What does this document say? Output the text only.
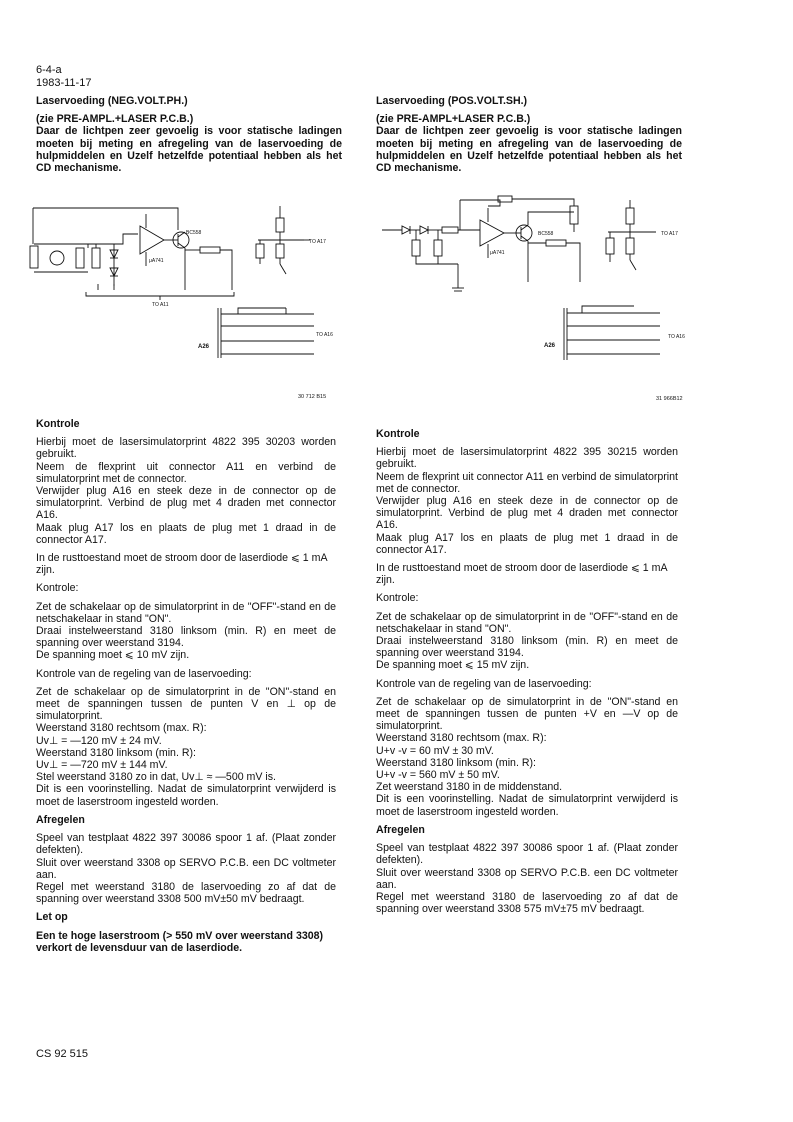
6-4-a
1983-11-17

Laservoeding (NEG.VOLT.PH.)

(zie PRE-AMPL.+LASER P.C.B.)

Daar de lichtpen zeer gevoelig is voor statische ladingen moeten bij meting en afregeling van de laservoeding de hulpmiddelen en Uzelf hetzelfde potentiaal hebben als het CD mechanisme.

Laservoeding (POS.VOLT.SH.)

(zie PRE-AMPL+LASER P.C.B.)

Daar de lichtpen zeer gevoelig is voor statische ladingen moeten bij meting en afregeling van de laservoeding de hulpmiddelen en Uzelf hetzelfde potentiaal hebben als het CD mechanisme.

BC558
μA741
TO A17
TO A16
TO A11
A26
30 712 B15
BC558
μA741
TO A17
TO A16
A26
31 966B12

Kontrole

Hierbij moet de lasersimulatorprint 4822 395 30203 worden gebruikt.
Neem de flexprint uit connector A11 en verbind de simulatorprint met de connector.
Verwijder plug A16 en steek deze in de connector op de simulatorprint. Verbind de plug met 4 draden met connector A16.
Maak plug A17 los en plaats de plug met 1 draad in de connector A17.

In de rusttoestand moet de stroom door de laserdiode ⩽ 1 mA zijn.

Kontrole:

Zet de schakelaar op de simulatorprint in de "OFF"-stand en de netschakelaar in stand "ON".
Draai instelweerstand 3180 linksom (min. R) en meet de spanning over weerstand 3194.
De spanning moet ⩽ 10 mV zijn.

Kontrole van de regeling van de laservoeding:

Zet de schakelaar op de simulatorprint in de "ON"-stand en meet de spanningen tussen de punten V en ⊥ op de simulatorprint.
Weerstand 3180 rechtsom (max. R):
Uv⊥ = —120 mV ± 24 mV.
Weerstand 3180 linksom (min. R):
Uv⊥ = —720 mV ± 144 mV.
Stel weerstand 3180 zo in dat, Uv⊥ ≈ —500 mV is.
Dit is een voorinstelling. Nadat de simulatorprint verwijderd is moet de laserstroom ingesteld worden.

Afregelen

Speel van testplaat 4822 397 30086 spoor 1 af. (Plaat zonder defekten).
Sluit over weerstand 3308 op SERVO P.C.B. een DC voltmeter aan.
Regel met weerstand 3180 de laservoeding zo af dat de spanning over weerstand 3308 500 mV±50 mV bedraagt.

Let op

Een te hoge laserstroom (> 550 mV over weerstand 3308) verkort de levensduur van de laserdiode.

Kontrole

Hierbij moet de lasersimulatorprint 4822 395 30215 worden gebruikt.
Neem de flexprint uit connector A11 en verbind de simulatorprint met de connector.
Verwijder plug A16 en steek deze in de connector op de simulatorprint. Verbind de plug met 4 draden met connector A16.
Maak plug A17 los en plaats de plug met 1 draad in de connector A17.

In de rusttoestand moet de stroom door de laserdiode ⩽ 1 mA zijn.

Kontrole:

Zet de schakelaar op de simulatorprint in de "OFF"-stand en de netschakelaar in stand "ON".
Draai instelweerstand 3180 linksom (min. R) en meet de spanning over weerstand 3194.
De spanning moet ⩽ 15 mV zijn.

Kontrole van de regeling van de laservoeding:

Zet de schakelaar op de simulatorprint in de "ON"-stand en meet de spanningen tussen de punten +V en —V op de simulatorprint.
Weerstand 3180 rechtsom (max. R):
U+v -v = 60 mV ± 30 mV.
Weerstand 3180 linksom (min. R):
U+v -v = 560 mV ± 50 mV.
Zet weerstand 3180 in de middenstand.
Dit is een voorinstelling. Nadat de simulatorprint verwijderd is moet de laserstroom ingesteld worden.

Afregelen

Speel van testplaat 4822 397 30086 spoor 1 af. (Plaat zonder defekten).
Sluit over weerstand 3308 op SERVO P.C.B. een DC voltmeter aan.
Regel met weerstand 3180 de laservoeding zo af dat de spanning over weerstand 3308 575 mV±75 mV bedraagt.

CS 92 515
